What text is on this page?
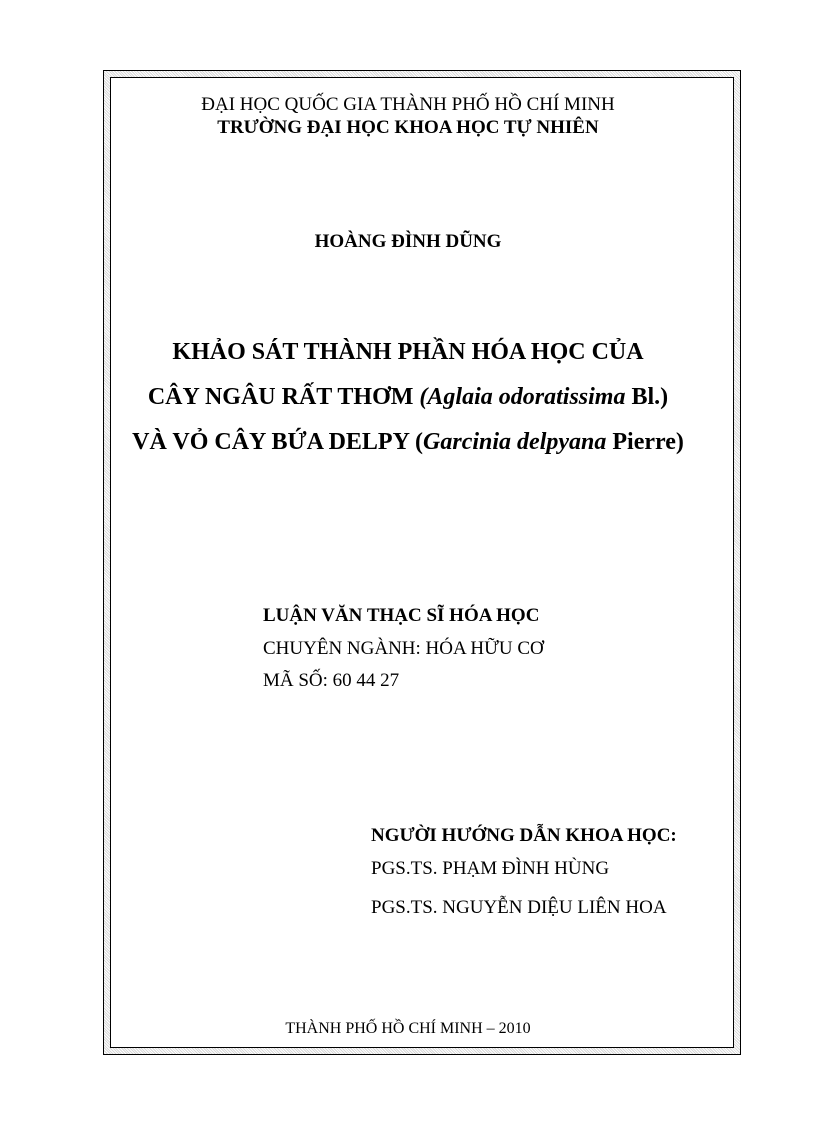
ĐẠI HỌC QUỐC GIA THÀNH PHỐ HỒ CHÍ MINH

TRƯỜNG ĐẠI HỌC KHOA HỌC TỰ NHIÊN

HOÀNG ĐÌNH DŨNG

KHẢO SÁT THÀNH PHẦN HÓA HỌC CỦA

CÂY NGÂU RẤT THƠM (Aglaia odoratissima Bl.)

VÀ VỎ CÂY BỨA DELPY (Garcinia delpyana Pierre)

LUẬN VĂN THẠC SĨ HÓA HỌC

CHUYÊN NGÀNH: HÓA HỮU CƠ

MÃ SỐ: 60 44 27

NGƯỜI HƯỚNG DẪN KHOA HỌC:

PGS.TS. PHẠM ĐÌNH HÙNG

PGS.TS. NGUYỄN DIỆU LIÊN HOA

THÀNH PHỐ HỒ CHÍ MINH – 2010
